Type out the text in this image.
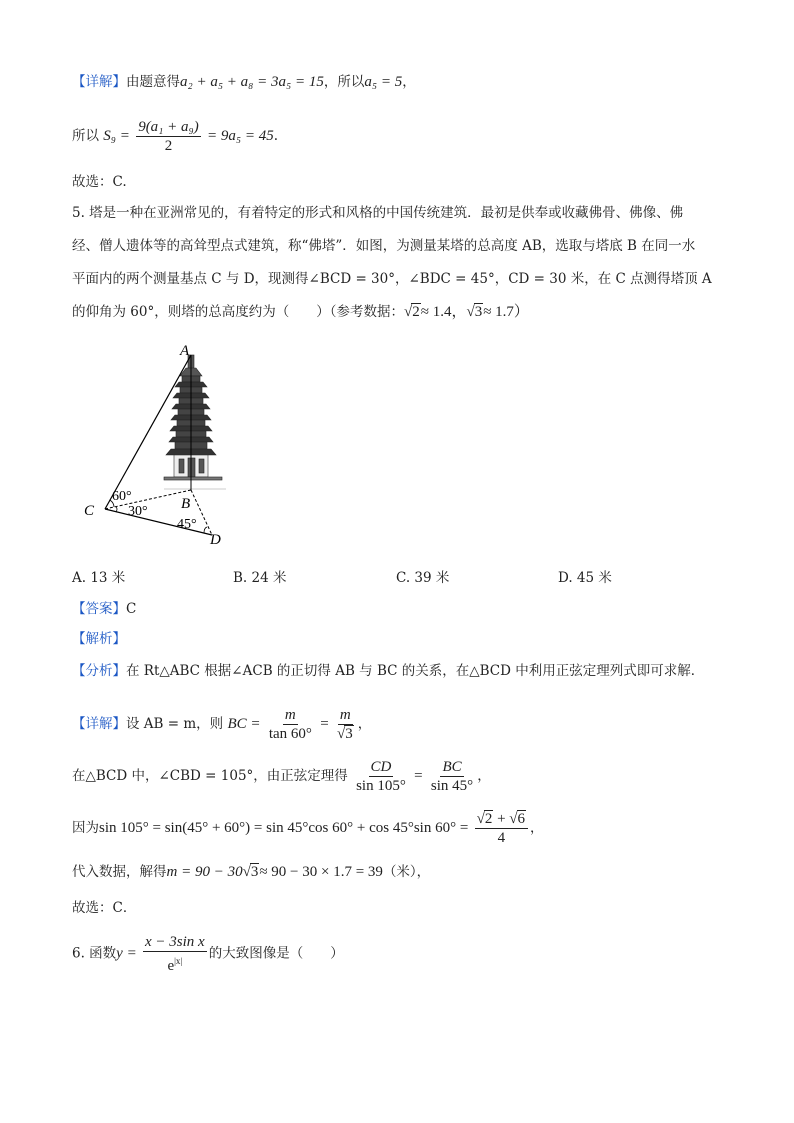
【详解】由题意得a₂ + a₅ + a₈ = 3a₅ = 15，所以a₅ = 5，
所以 $S_9 = \frac{\text{9(a₁ + a₉)}}{2} = 9a_5 = 45$.
故选：C.
5. 塔是一种在亚洲常见的，有着特定的形式和风格的中国传统建筑．最初是供奉或收藏佛骨、佛像、佛
经、僧人遗体等的高耸型点式建筑，称“佛塔”．如图，为测量某塔的总高度 AB，选取与塔底 B 在同一水
平面内的两个测量基点 C 与 D，现测得∠BCD = 30°，∠BDC = 45°，CD = 30 米，在 C 点测得塔顶 A
的仰角为 60°，则塔的总高度约为（　　）（参考数据：√2≈ 1.4，√3≈ 1.7）
A
B
C
D
60°
30°
45°
A. 13 米	B. 24 米	C. 39 米	D. 45 米
【答案】C
【解析】
【分析】在 Rt△ABC 根据∠ACB 的正切得 AB 与 BC 的关系，在△BCD 中利用正弦定理列式即可求解．
【详解】设 AB = m，则 BC = $\frac{m}{\tan 60^\circ} = \frac{m}{√3}$ ，
在△BCD 中，∠CBD = 105°，由正弦定理得 $\frac{CD}{\sin 105^\circ} = \frac{BC}{\sin 45^\circ}$ ，
因为sin 105° = sin(45° + 60°) = sin 45°cos 60° + cos 45°sin $60^\circ = \frac{√2 + √6}{4}$ ，
代入数据，解得m = 90 − 30√3≈ 90 − 30 × 1.7 = 39（米），
故选：C．
6. 函数$y = \frac{\text{x − 3sin x}}{e^{|x|}}$ 的大致图像是（　　）
